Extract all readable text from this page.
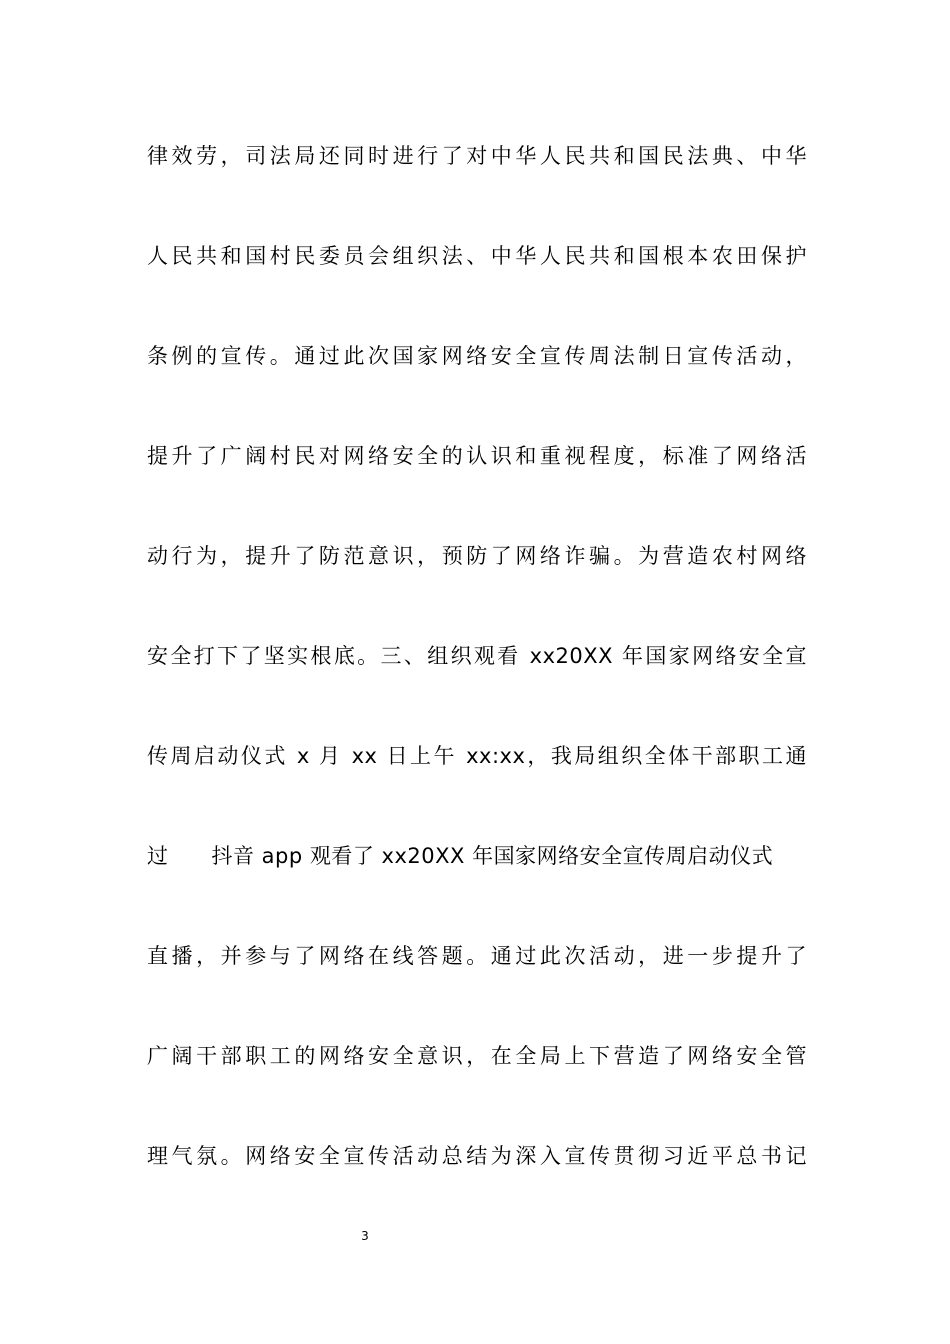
律效劳，司法局还同时进行了对中华人民共和国民法典、中华
人民共和国村民委员会组织法、中华人民共和国根本农田保护
条例的宣传。通过此次国家网络安全宣传周法制日宣传活动，
提升了广阔村民对网络安全的认识和重视程度，标准了网络活
动行为，提升了防范意识，预防了网络诈骗。为营造农村网络
安全打下了坚实根底。三、组织观看 xx20XX 年国家网络安全宣
传周启动仪式 x 月 xx 日上午 xx:xx，我局组织全体干部职工通
过　　抖音 app 观看了 xx20XX 年国家网络安全宣传周启动仪式
直播，并参与了网络在线答题。通过此次活动，进一步提升了
广阔干部职工的网络安全意识，在全局上下营造了网络安全管
理气氛。网络安全宣传活动总结为深入宣传贯彻习近平总书记
3
